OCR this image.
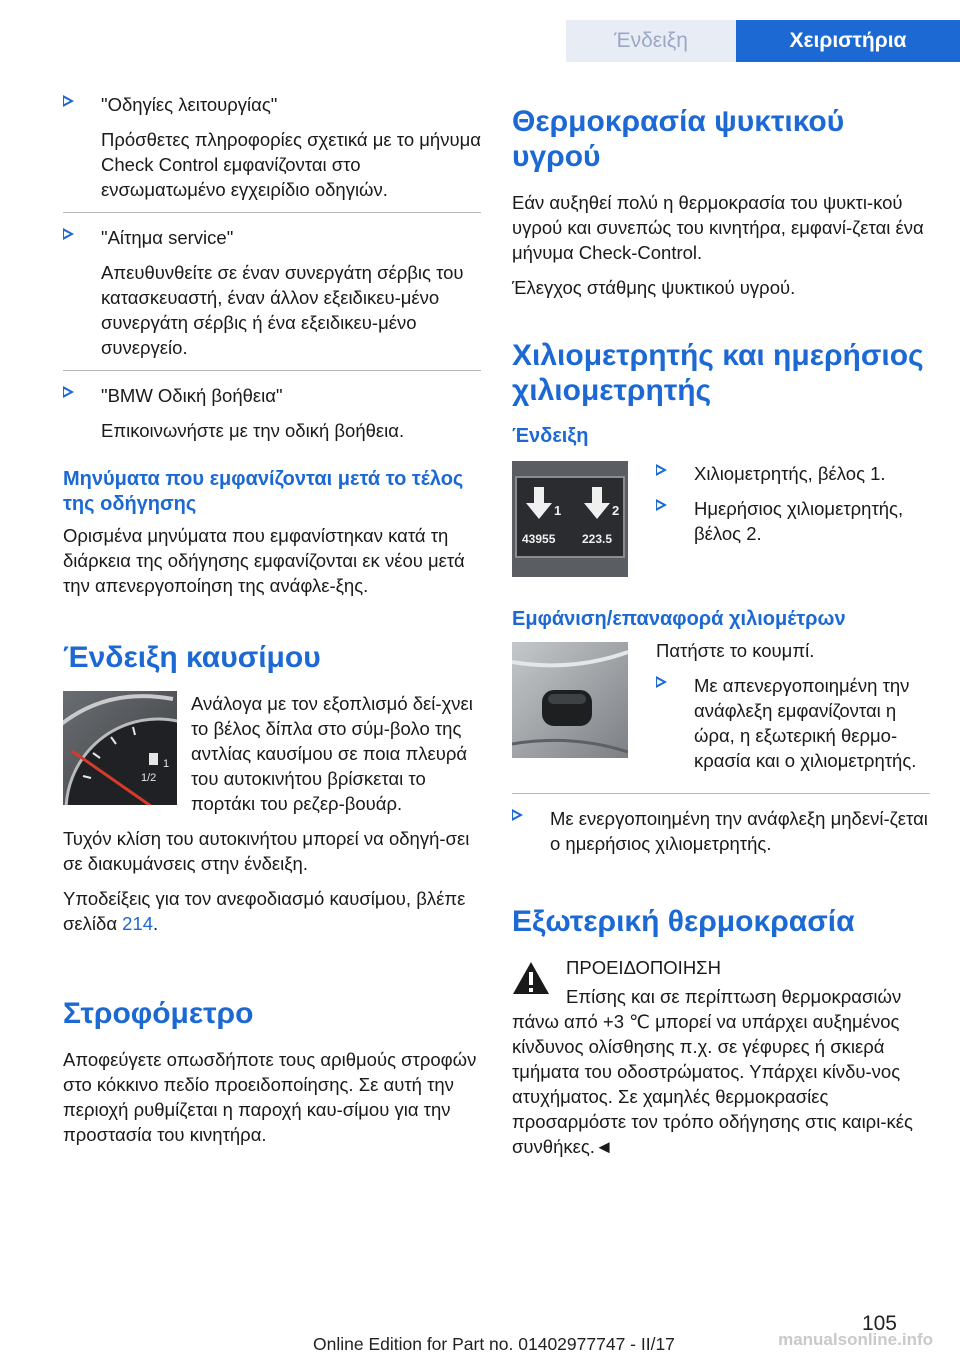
Ένδειξη	Χειριστήρια
"Οδηγίες λειτουργίας"
Πρόσθετες πληροφορίες σχετικά με το μήνυμα Check Control εμφανίζονται στο ενσωματωμένο εγχειρίδιο οδηγιών.
"Αίτημα service"
Απευθυνθείτε σε έναν συνεργάτη σέρβις του κατασκευαστή, έναν άλλον εξειδικευ-μένο συνεργάτη σέρβις ή ένα εξειδικευ-μένο συνεργείο.
"BMW Οδική βοήθεια"
Επικοινωνήστε με την οδική βοήθεια.
Μηνύματα που εμφανίζονται μετά το τέλος της οδήγησης
Ορισμένα μηνύματα που εμφανίστηκαν κατά τη διάρκεια της οδήγησης εμφανίζονται εκ νέου μετά την απενεργοποίηση της ανάφλε-ξης.
Ένδειξη καυσίμου
1/2
1
Ανάλογα με τον εξοπλισμό δεί-χνει το βέλος δίπλα στο σύμ-βολο της αντλίας καυσίμου σε ποια πλευρά του αυτοκινήτου βρίσκεται το πορτάκι του ρεζερ-βουάρ.
Τυχόν κλίση του αυτοκινήτου μπορεί να οδηγή-σει σε διακυμάνσεις στην ένδειξη.
Υποδείξεις για τον ανεφοδιασμό καυσίμου, βλέπε σελίδα 214.
Στροφόμετρο
Αποφεύγετε οπωσδήποτε τους αριθμούς στροφών στο κόκκινο πεδίο προειδοποίησης. Σε αυτή την περιοχή ρυθμίζεται η παροχή καυ-σίμου για την προστασία του κινητήρα.
Θερμοκρασία ψυκτικού υγρού
Εάν αυξηθεί πολύ η θερμοκρασία του ψυκτι-κού υγρού και συνεπώς του κινητήρα, εμφανί-ζεται ένα μήνυμα Check-Control.
Έλεγχος στάθμης ψυκτικού υγρού.
Χιλιομετρητής και ημερήσιος χιλιομετρητής
Ένδειξη
1	2
43955 223.5
Χιλιομετρητής, βέλος 1.
Ημερήσιος χιλιομετρητής, βέλος 2.
Εμφάνιση/επαναφορά χιλιομέτρων
Πατήστε το κουμπί.
Με απενεργοποιημένη την ανάφλεξη εμφανίζονται η ώρα, η εξωτερική θερμο-κρασία και ο χιλιομετρητής.
Με ενεργοποιημένη την ανάφλεξη μηδενί-ζεται ο ημερήσιος χιλιομετρητής.
Εξωτερική θερμοκρασία
ΠΡΟΕΙΔΟΠΟΙΗΣΗ
Επίσης και σε περίπτωση θερμοκρασιών πάνω από +3 ℃ μπορεί να υπάρχει αυξημένος κίνδυνος ολίσθησης π.χ. σε γέφυρες ή σκιερά τμήματα του οδοστρώματος. Υπάρχει κίνδυ-νος ατυχήματος. Σε χαμηλές θερμοκρασίες προσαρμόστε τον τρόπο οδήγησης στις καιρι-κές συνθήκες.◄
105
Online Edition for Part no. 01402977747 - II/17	manualsonline.info
